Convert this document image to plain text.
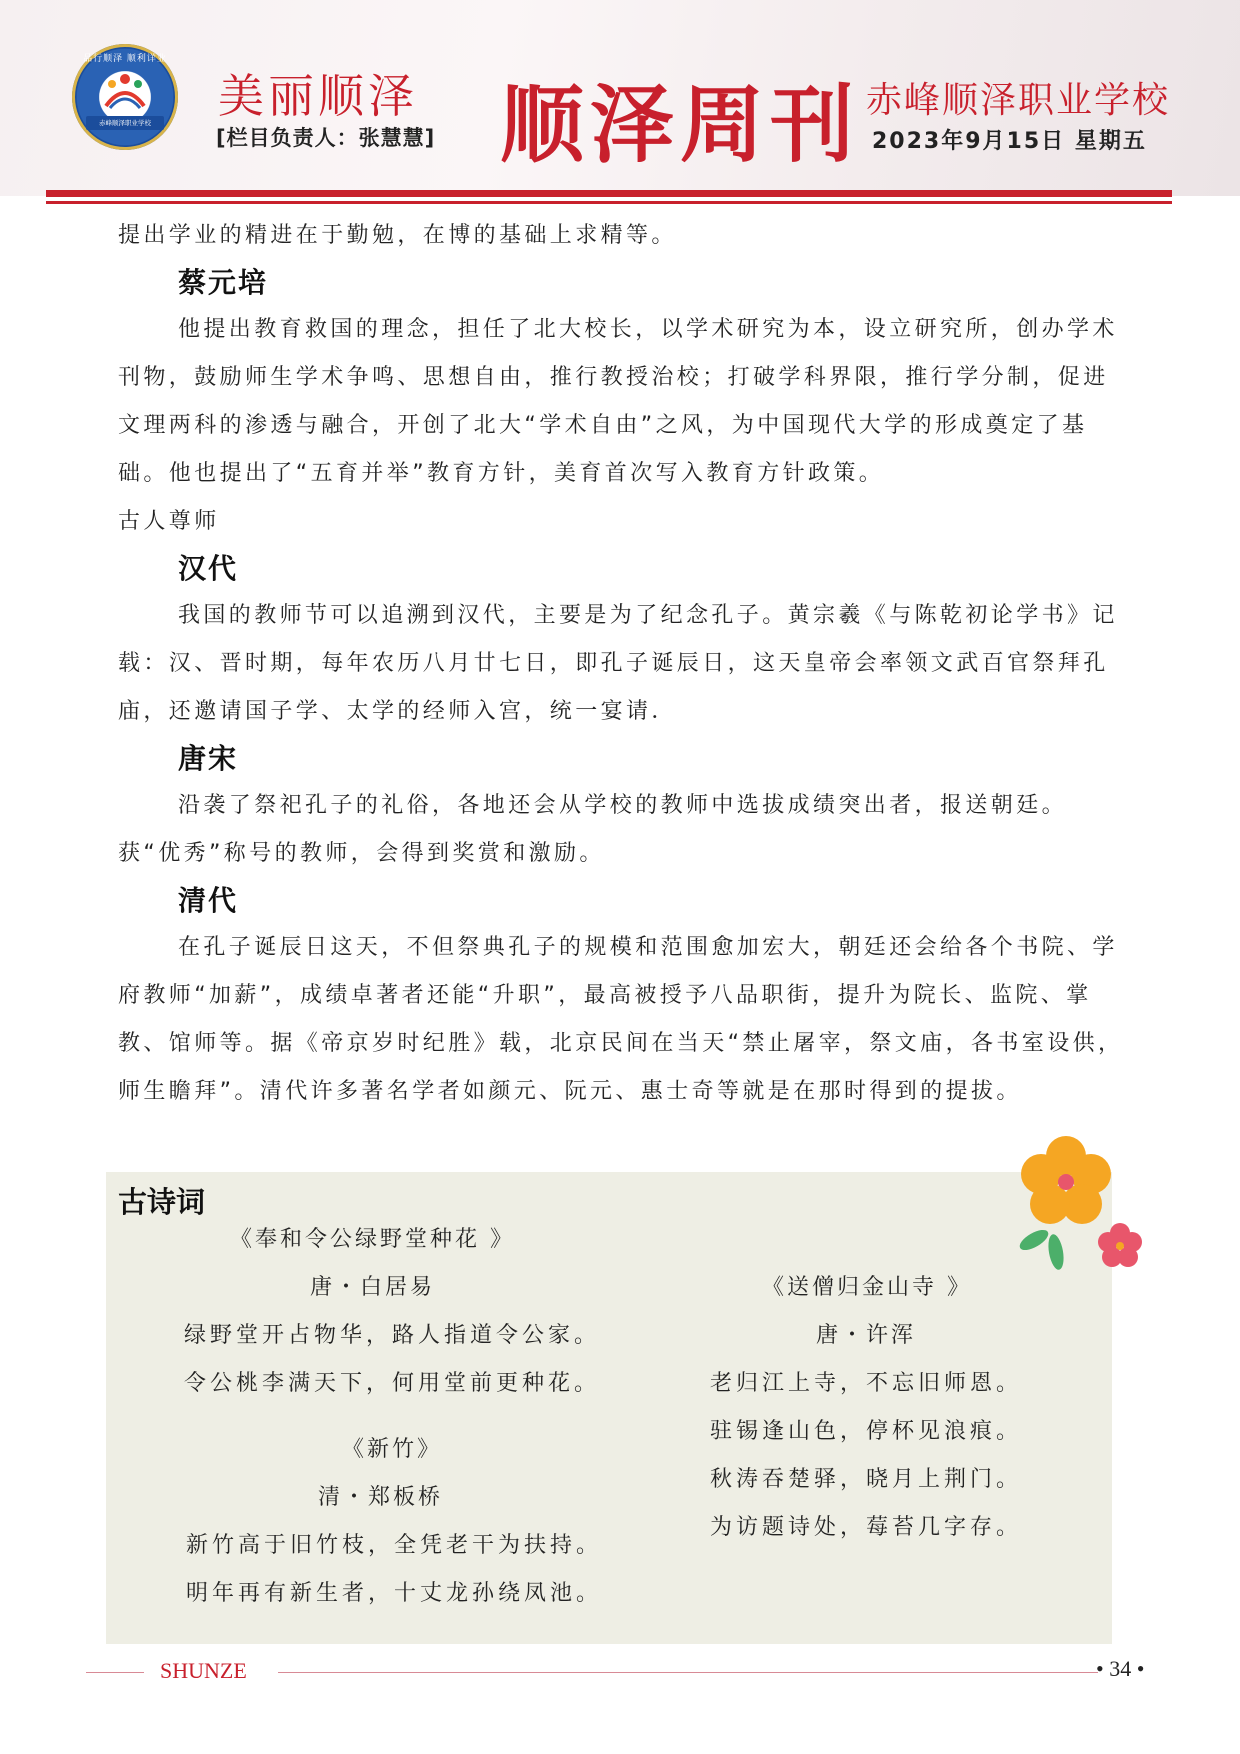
品行顺泽 顺利详业
赤峰顺泽职业学校 美丽顺泽
[栏目负责人：张慧慧] 顺泽周刊 赤峰顺泽职业学校
2023年9月15日 星期五

提出学业的精进在于勤勉，在博的基础上求精等。

蔡元培

他提出教育救国的理念，担任了北大校长，以学术研究为本，设立研究所，创办学术刊物，鼓励师生学术争鸣、思想自由，推行教授治校；打破学科界限，推行学分制，促进文理两科的渗透与融合，开创了北大“学术自由”之风，为中国现代大学的形成奠定了基础。他也提出了“五育并举”教育方针，美育首次写入教育方针政策。

古人尊师

汉代

我国的教师节可以追溯到汉代，主要是为了纪念孔子。黄宗羲《与陈乾初论学书》记载：汉、晋时期，每年农历八月廿七日，即孔子诞辰日，这天皇帝会率领文武百官祭拜孔庙，还邀请国子学、太学的经师入宫，统一宴请．

唐宋

沿袭了祭祀孔子的礼俗，各地还会从学校的教师中选拔成绩突出者，报送朝廷。获“优秀”称号的教师，会得到奖赏和激励。

清代

在孔子诞辰日这天，不但祭典孔子的规模和范围愈加宏大，朝廷还会给各个书院、学府教师“加薪”，成绩卓著者还能“升职”，最高被授予八品职街，提升为院长、监院、掌教、馆师等。据《帝京岁时纪胜》载，北京民间在当天“禁止屠宰，祭文庙，各书室设供，师生瞻拜”。清代许多著名学者如颜元、阮元、惠士奇等就是在那时得到的提拔。

古诗词

《奉和令公绿野堂种花 》

唐・白居易

绿野堂开占物华，路人指道令公家。

令公桃李满天下，何用堂前更种花。

《新竹》

清・郑板桥

新竹高于旧竹枝，全凭老干为扶持。

明年再有新生者，十丈龙孙绕凤池。

《送僧归金山寺 》

唐・许浑

老归江上寺，不忘旧师恩。

驻锡逢山色，停杯见浪痕。

秋涛吞楚驿，晓月上荆门。

为访题诗处，莓苔几字存。

SHUNZE	• 34 •
